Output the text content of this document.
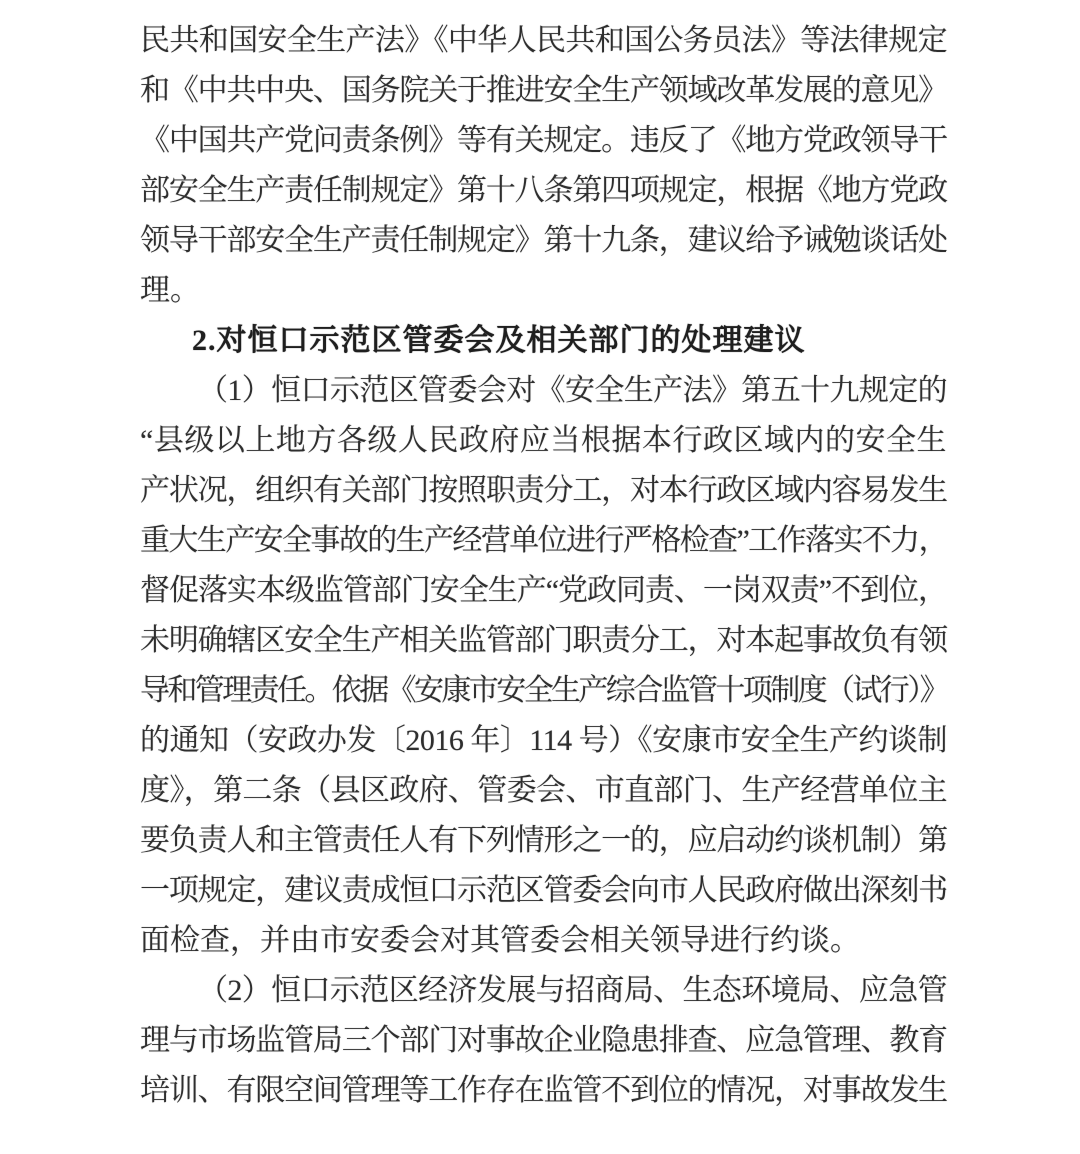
民共和国安全生产法》《中华人民共和国公务员法》等法律规定
和《中共中央、国务院关于推进安全生产领域改革发展的意见》
《中国共产党问责条例》等有关规定。违反了《地方党政领导干
部安全生产责任制规定》第十八条第四项规定，根据《地方党政
领导干部安全生产责任制规定》第十九条，建议给予诫勉谈话处
理。
2.对恒口示范区管委会及相关部门的处理建议
（1）恒口示范区管委会对《安全生产法》第五十九规定的
“县级以上地方各级人民政府应当根据本行政区域内的安全生
产状况，组织有关部门按照职责分工，对本行政区域内容易发生
重大生产安全事故的生产经营单位进行严格检查”工作落实不力，
督促落实本级监管部门安全生产“党政同责、一岗双责”不到位，
未明确辖区安全生产相关监管部门职责分工，对本起事故负有领
导和管理责任。依据《安康市安全生产综合监管十项制度（试行）》
的通知（安政办发〔2016 年〕114 号）《安康市安全生产约谈制
度》，第二条（县区政府、管委会、市直部门、生产经营单位主
要负责人和主管责任人有下列情形之一的，应启动约谈机制）第
一项规定，建议责成恒口示范区管委会向市人民政府做出深刻书
面检查，并由市安委会对其管委会相关领导进行约谈。
（2）恒口示范区经济发展与招商局、生态环境局、应急管
理与市场监管局三个部门对事故企业隐患排查、应急管理、教育
培训、有限空间管理等工作存在监管不到位的情况，对事故发生
